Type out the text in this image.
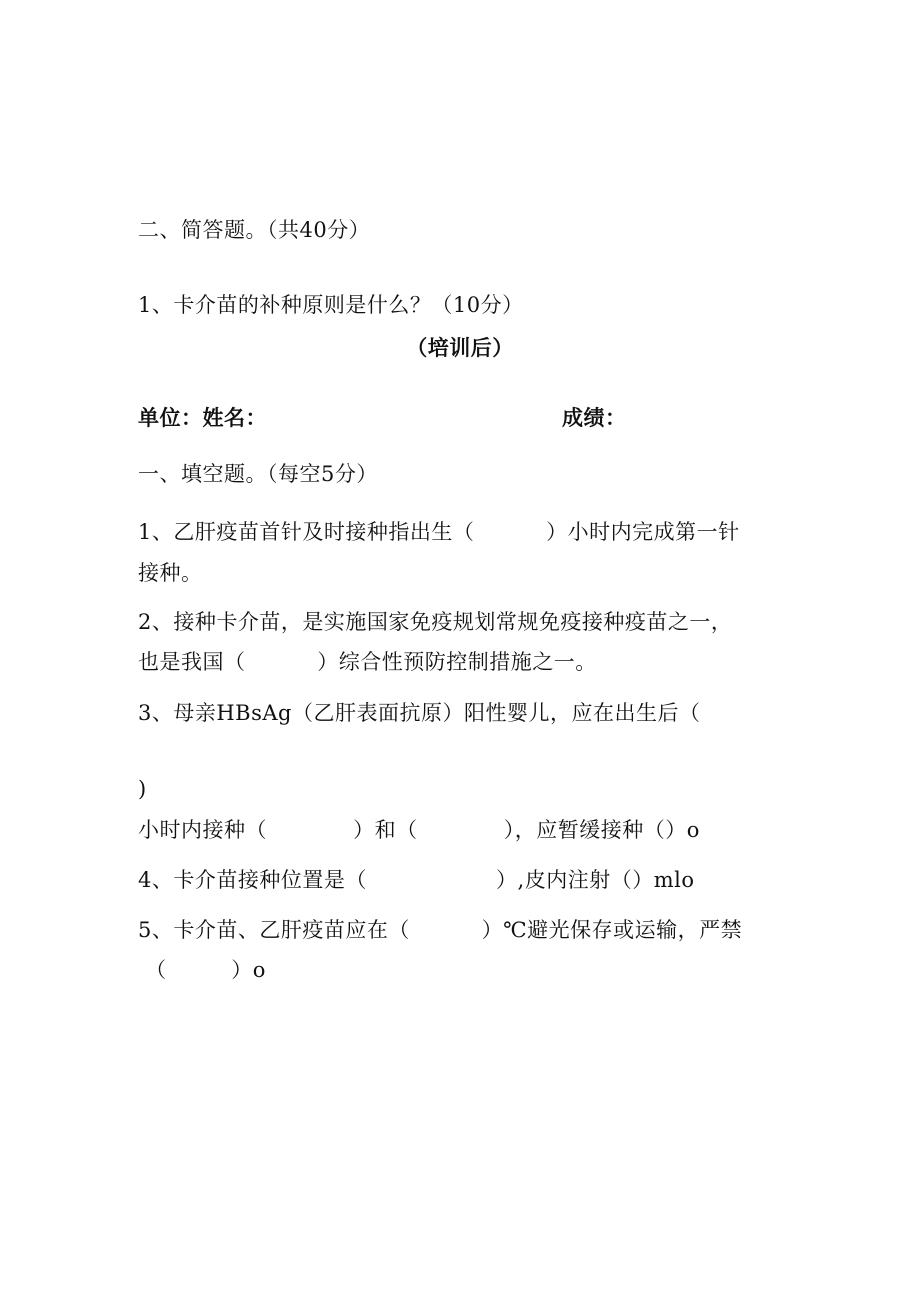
二、简答题。（共40分）
1、卡介苗的补种原则是什么？（10分）
（培训后）
单位：姓名：	成绩：
一、填空题。（每空5分）
1、乙肝疫苗首针及时接种指出生（          ）小时内完成第一针
接种。
2、接种卡介苗，是实施国家免疫规划常规免疫接种疫苗之一，
也是我国（          ）综合性预防控制措施之一。
3、母亲HBsAg（乙肝表面抗原）阳性婴儿，应在出生后（
)
小时内接种（            ）和（            ），应暂缓接种（）o
4、卡介苗接种位置是（                  ）,皮内注射（）mlo
5、卡介苗、乙肝疫苗应在（          ）℃避光保存或运输，严禁
（         ）o
